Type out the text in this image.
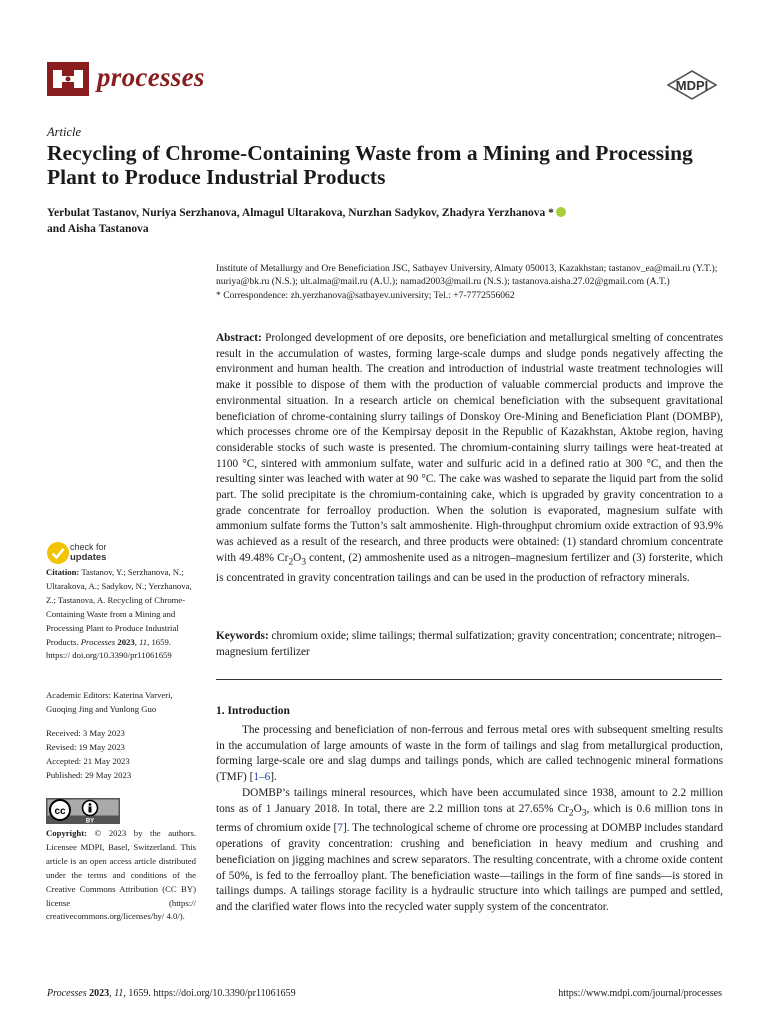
processes	MDPI
Article
Recycling of Chrome-Containing Waste from a Mining and Processing Plant to Produce Industrial Products
Yerbulat Tastanov, Nuriya Serzhanova, Almagul Ultarakova, Nurzhan Sadykov, Zhadyra Yerzhanova *
and Aisha Tastanova
Institute of Metallurgy and Ore Beneficiation JSC, Satbayev University, Almaty 050013, Kazakhstan; tastanov_ea@mail.ru (Y.T.); nuriya@bk.ru (N.S.); ult.alma@mail.ru (A.U.); namad2003@mail.ru (N.S.); tastanova.aisha.27.02@gmail.com (A.T.)
* Correspondence: zh.yerzhanova@satbayev.university; Tel.: +7-7772556062
Abstract: Prolonged development of ore deposits, ore beneficiation and metallurgical smelting of concentrates result in the accumulation of wastes, forming large-scale dumps and sludge ponds negatively affecting the environment and human health. The creation and introduction of industrial waste treatment technologies will make it possible to dispose of them with the production of valuable commercial products and improve the environmental situation. In a research article on chemical beneficiation with the subsequent gravitational beneficiation of chrome-containing slurry tailings of Donskoy Ore-Mining and Beneficiation Plant (DOMBP), which processes chrome ore of the Kempirsay deposit in the Republic of Kazakhstan, Aktobe region, having considerable stocks of such waste is presented. The chromium-containing slurry tailings were heat-treated at 1100 °C, sintered with ammonium sulfate, water and sulfuric acid in a defined ratio at 300 °C, and then the resulting sinter was leached with water at 90 °C. The cake was washed to separate the liquid part from the solid part. The solid precipitate is the chromium-containing cake, which is upgraded by gravity concentration to a grade concentrate for ferroalloy production. When the solution is evaporated, magnesium sulfate with ammonium sulfate forms the Tutton’s salt ammoshenite. High-throughput chromium oxide extraction of 93.9% was achieved as a result of the research, and three products were obtained: (1) standard chromium concentrate with 49.48% $Cr_2O_3$ content, (2) ammoshenite used as a nitrogen–magnesium fertilizer and (3) forsterite, which is concentrated in gravity concentration tailings and can be used in the production of refractory minerals.
Keywords: chromium oxide; slime tailings; thermal sulfatization; gravity concentration; concentrate; nitrogen–magnesium fertilizer
1. Introduction

The processing and beneficiation of non-ferrous and ferrous metal ores with subsequent smelting results in the accumulation of large amounts of waste in the form of tailings and slag from metallurgical production, forming large-scale ore and slag dumps and tailings ponds, which are called technogenic mineral formations (TMF) [1–6].

DOMBP’s tailings mineral resources, which have been accumulated since 1938, amount to 2.2 million tons as of 1 January 2018. In total, there are 2.2 million tons at 27.65% $Cr_2O_3$, which is 0.6 million tons in terms of chromium oxide [7]. The technological scheme of chrome ore processing at DOMBP includes standard operations of gravity concentration: crushing and beneficiation in heavy medium and crushing and beneficiation on jigging machines and screw separators. The resulting concentrate, with a chrome oxide content of 50%, is fed to the ferroalloy plant. The beneficiation waste—tailings in the form of fine sands—is stored in tailings dumps. A tailings storage facility is a hydraulic structure into which tailings are pumped and settled, and the clarified water flows into the recycled water supply system of the concentrator.

check for
updates
Citation: Tastanov, Y.; Serzhanova, N.; Ultarakova, A.; Sadykov, N.; Yerzhanova, Z.; Tastanova, A. Recycling of Chrome-Containing Waste from a Mining and Processing Plant to Produce Industrial Products. Processes 2023, 11, 1659. https:// doi.org/10.3390/pr11061659
Academic Editors: Katerina Varveri, Guoqing Jing and Yunlong Guo
Received: 3 May 2023
Revised: 19 May 2023
Accepted: 21 May 2023
Published: 29 May 2023
cc
BY
Copyright: © 2023 by the authors. Licensee MDPI, Basel, Switzerland. This article is an open access article distributed under the terms and conditions of the Creative Commons Attribution (CC BY) license (https:// creativecommons.org/licenses/by/ 4.0/).
Processes 2023, 11, 1659. https://doi.org/10.3390/pr11061659	https://www.mdpi.com/journal/processes
